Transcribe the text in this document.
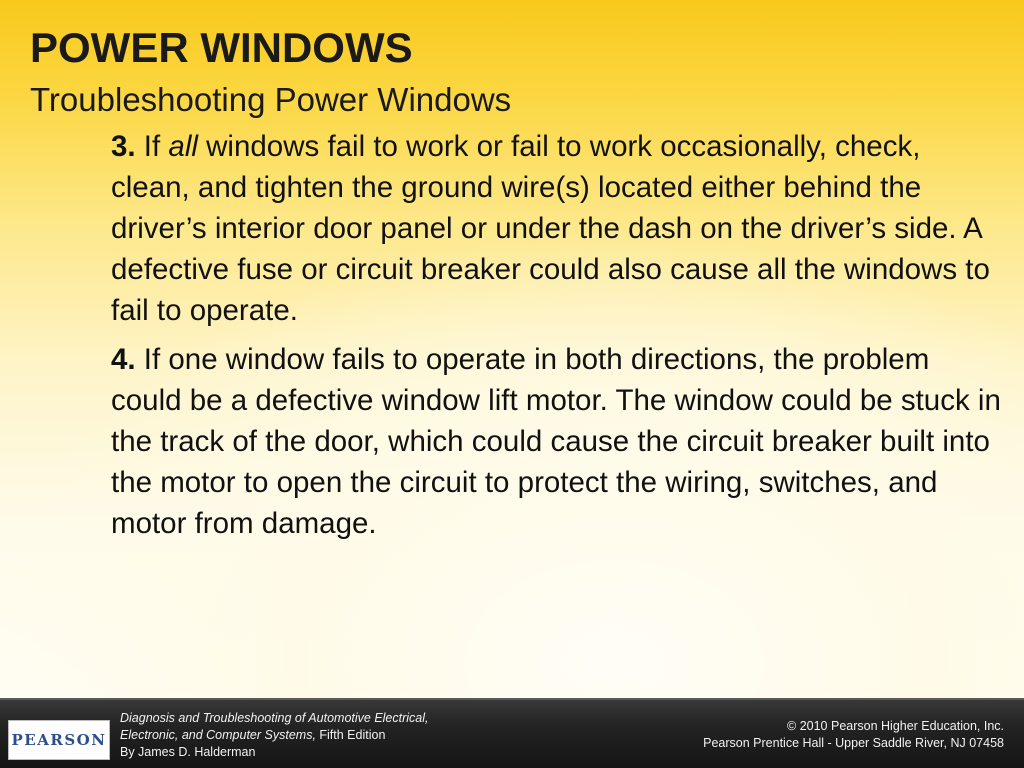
POWER WINDOWS
Troubleshooting Power Windows

3. If all windows fail to work or fail to work occasionally, check, clean, and tighten the ground wire(s) located either behind the driver’s interior door panel or under the dash on the driver’s side. A defective fuse or circuit breaker could also cause all the windows to fail to operate.

4. If one window fails to operate in both directions, the problem could be a defective window lift motor. The window could be stuck in the track of the door, which could cause the circuit breaker built into the motor to open the circuit to protect the wiring, switches, and motor from damage.

PEARSON
Diagnosis and Troubleshooting of Automotive Electrical,
Electronic, and Computer Systems, Fifth Edition
By James D. Halderman
© 2010 Pearson Higher Education, Inc.
Pearson Prentice Hall - Upper Saddle River, NJ 07458
